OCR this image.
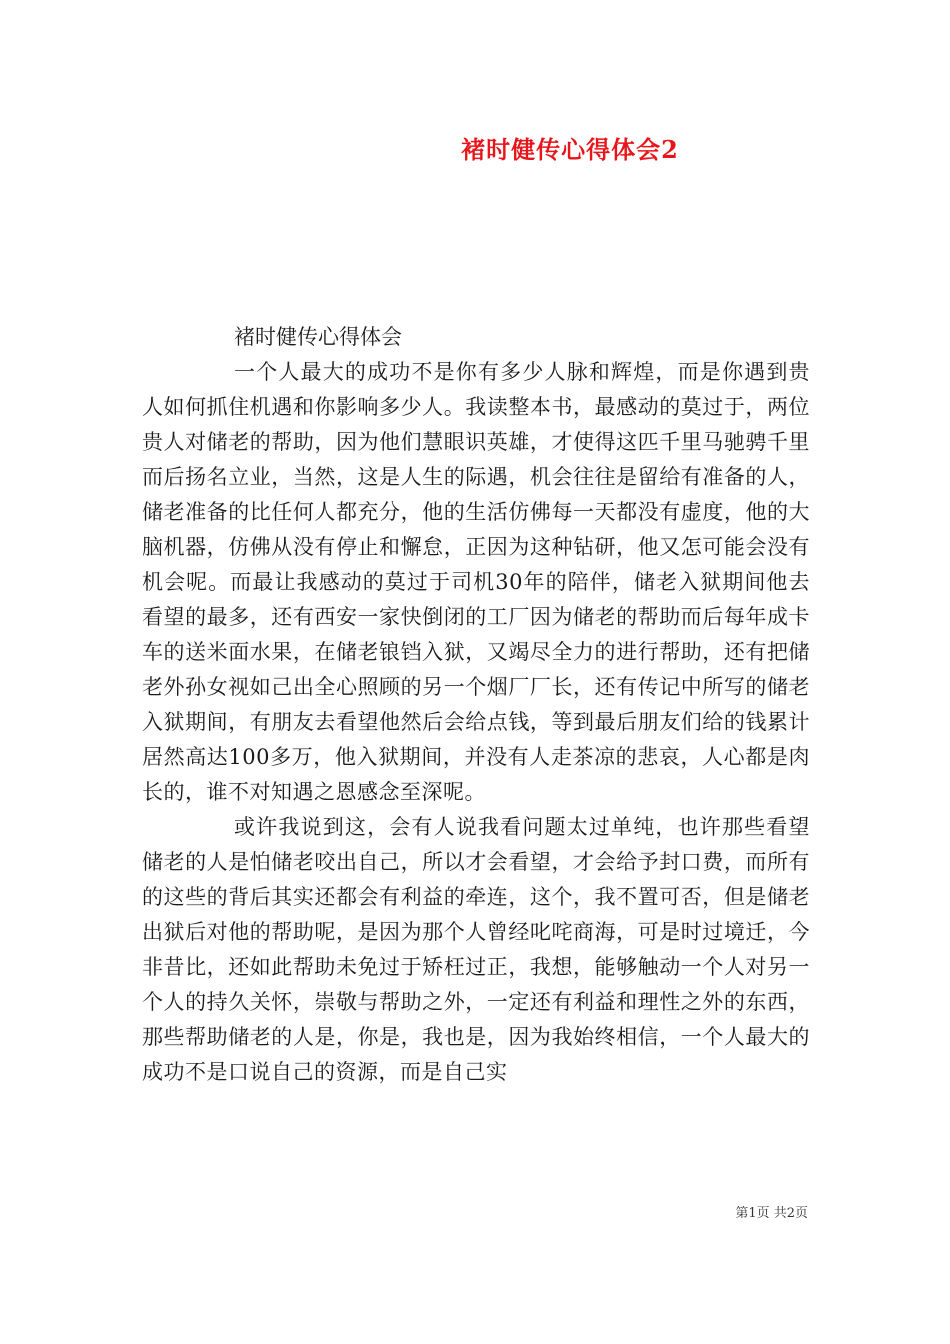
褚时健传心得体会2

褚时健传心得体会

一个人最大的成功不是你有多少人脉和辉煌，而是你遇到贵人如何抓住机遇和你影响多少人。我读整本书，最感动的莫过于，两位贵人对储老的帮助，因为他们慧眼识英雄，才使得这匹千里马驰骋千里而后扬名立业，当然，这是人生的际遇，机会往往是留给有准备的人，储老准备的比任何人都充分，他的生活仿佛每一天都没有虚度，他的大脑机器，仿佛从没有停止和懈怠，正因为这种钻研，他又怎可能会没有机会呢。而最让我感动的莫过于司机30年的陪伴，储老入狱期间他去看望的最多，还有西安一家快倒闭的工厂因为储老的帮助而后每年成卡车的送米面水果，在储老锒铛入狱，又竭尽全力的进行帮助，还有把储老外孙女视如己出全心照顾的另一个烟厂厂长，还有传记中所写的储老入狱期间，有朋友去看望他然后会给点钱，等到最后朋友们给的钱累计居然高达100多万，他入狱期间，并没有人走茶凉的悲哀，人心都是肉长的，谁不对知遇之恩感念至深呢。

或许我说到这，会有人说我看问题太过单纯，也许那些看望储老的人是怕储老咬出自己，所以才会看望，才会给予封口费，而所有的这些的背后其实还都会有利益的牵连，这个，我不置可否，但是储老出狱后对他的帮助呢，是因为那个人曾经叱咤商海，可是时过境迁，今非昔比，还如此帮助未免过于矫枉过正，我想，能够触动一个人对另一个人的持久关怀，崇敬与帮助之外，一定还有利益和理性之外的东西，那些帮助储老的人是，你是，我也是，因为我始终相信，一个人最大的成功不是口说自己的资源，而是自己实

第1页 共2页
